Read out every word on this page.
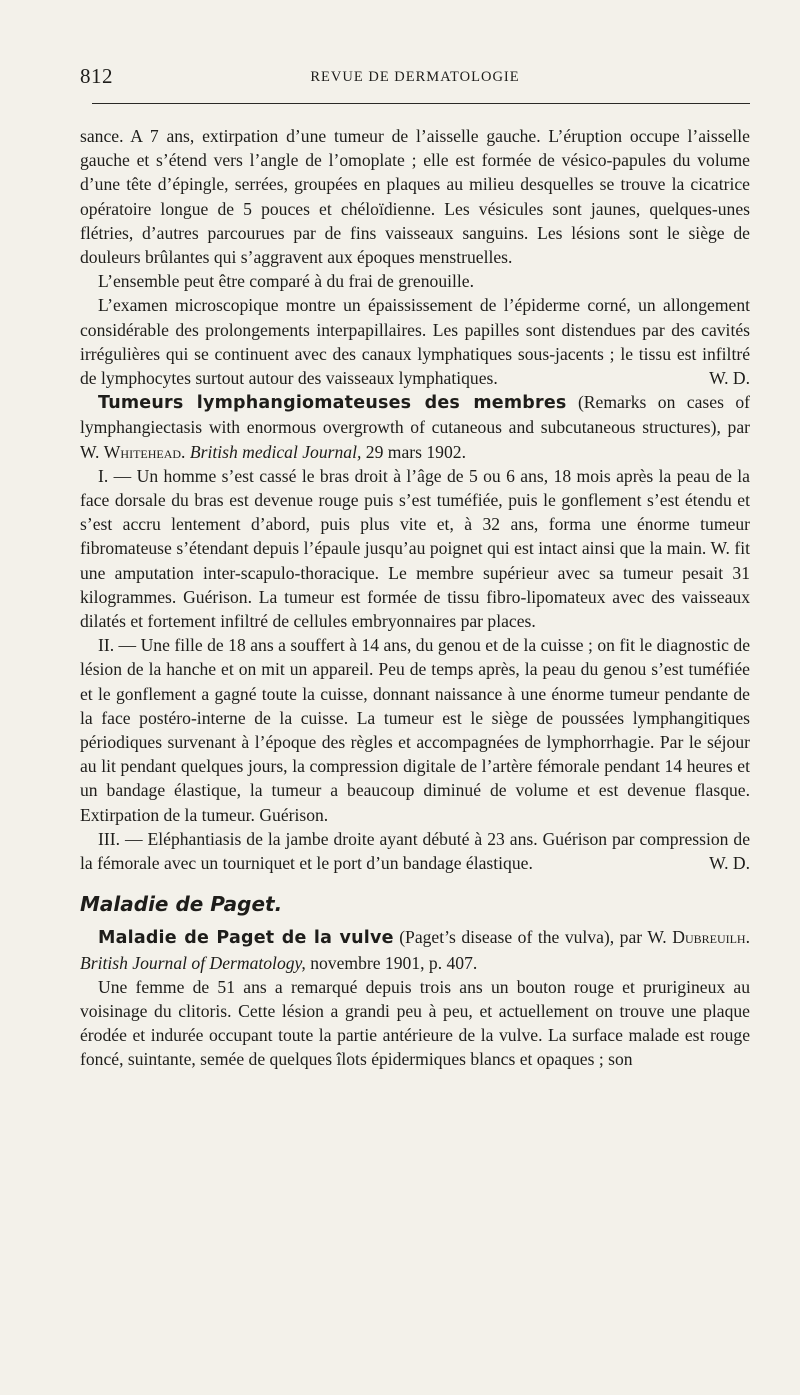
812	REVUE DE DERMATOLOGIE

sance. A 7 ans, extirpation d’une tumeur de l’aisselle gauche. L’éruption occupe l’aisselle gauche et s’étend vers l’angle de l’omoplate ; elle est formée de vésico-papules du volume d’une tête d’épingle, serrées, groupées en plaques au milieu desquelles se trouve la cicatrice opératoire longue de 5 pouces et chéloïdienne. Les vésicules sont jaunes, quelques-unes flétries, d’autres parcourues par de fins vaisseaux sanguins. Les lésions sont le siège de douleurs brûlantes qui s’aggravent aux époques menstruelles.

L’ensemble peut être comparé à du frai de grenouille.

L’examen microscopique montre un épaississement de l’épiderme corné, un allongement considérable des prolongements interpapillaires. Les papilles sont distendues par des cavités irrégulières qui se continuent avec des canaux lymphatiques sous-jacents ; le tissu est infiltré de lymphocytes surtout autour des vaisseaux lymphatiques.	W. D.

Tumeurs lymphangiomateuses des membres (Remarks on cases of lymphangiectasis with enormous overgrowth of cutaneous and subcutaneous structures), par W. Whitehead. British medical Journal, 29 mars 1902.

I. — Un homme s’est cassé le bras droit à l’âge de 5 ou 6 ans, 18 mois après la peau de la face dorsale du bras est devenue rouge puis s’est tuméfiée, puis le gonflement s’est étendu et s’est accru lentement d’abord, puis plus vite et, à 32 ans, forma une énorme tumeur fibromateuse s’étendant depuis l’épaule jusqu’au poignet qui est intact ainsi que la main. W. fit une amputation inter-scapulo-thoracique. Le membre supérieur avec sa tumeur pesait 31 kilogrammes. Guérison. La tumeur est formée de tissu fibro-lipomateux avec des vaisseaux dilatés et fortement infiltré de cellules embryonnaires par places.

II. — Une fille de 18 ans a souffert à 14 ans, du genou et de la cuisse ; on fit le diagnostic de lésion de la hanche et on mit un appareil. Peu de temps après, la peau du genou s’est tuméfiée et le gonflement a gagné toute la cuisse, donnant naissance à une énorme tumeur pendante de la face postéro-interne de la cuisse. La tumeur est le siège de poussées lymphangitiques périodiques survenant à l’époque des règles et accompagnées de lymphorrhagie. Par le séjour au lit pendant quelques jours, la compression digitale de l’artère fémorale pendant 14 heures et un bandage élastique, la tumeur a beaucoup diminué de volume et est devenue flasque. Extirpation de la tumeur. Guérison.

III. — Eléphantiasis de la jambe droite ayant débuté à 23 ans. Guérison par compression de la fémorale avec un tourniquet et le port d’un bandage élastique.	W. D.

Maladie de Paget.

Maladie de Paget de la vulve (Paget’s disease of the vulva), par W. Dubreuilh. British Journal of Dermatology, novembre 1901, p. 407.

Une femme de 51 ans a remarqué depuis trois ans un bouton rouge et prurigineux au voisinage du clitoris. Cette lésion a grandi peu à peu, et actuellement on trouve une plaque érodée et indurée occupant toute la partie antérieure de la vulve. La surface malade est rouge foncé, suintante, semée de quelques îlots épidermiques blancs et opaques ; son
